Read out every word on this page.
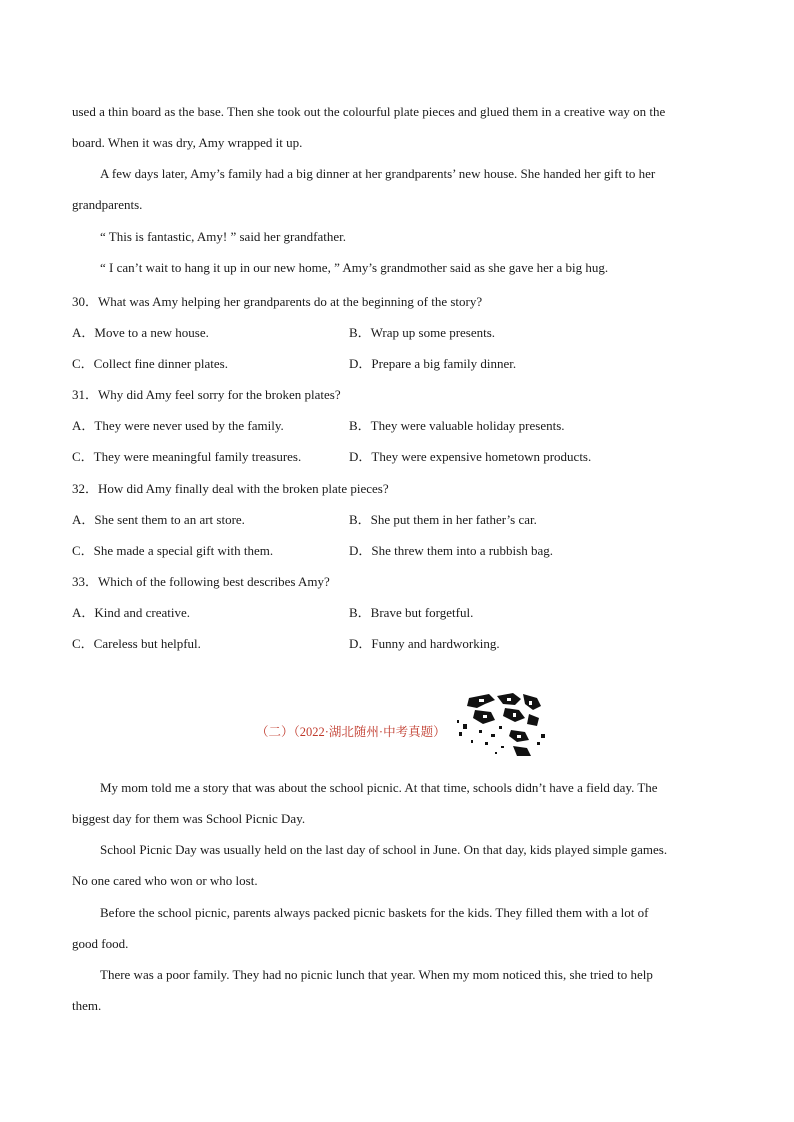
used a thin board as the base. Then she took out the colourful plate pieces and glued them in a creative way on the
board. When it was dry, Amy wrapped it up.
A few days later, Amy’s family had a big dinner at her grandparents’ new house. She handed her gift to her
grandparents.
“ This is fantastic, Amy! ” said her grandfather.
“ I can’t wait to hang it up in our new home, ” Amy’s grandmother said as she gave her a big hug.
30．What was Amy helping her grandparents do at the beginning of the story?
A．Move to a new house.	B．Wrap up some presents.
C．Collect fine dinner plates.	D．Prepare a big family dinner.
31．Why did Amy feel sorry for the broken plates?
A．They were never used by the family.	B．They were valuable holiday presents.
C．They were meaningful family treasures.	D．They were expensive hometown products.
32．How did Amy finally deal with the broken plate pieces?
A．She sent them to an art store.	B．She put them in her father’s car.
C．She made a special gift with them.	D．She threw them into a rubbish bag.
33．Which of the following best describes Amy?
A．Kind and creative.	B．Brave but forgetful.
C．Careless but helpful.	D．Funny and hardworking.
（二）（2022·湖北随州·中考真题）
My mom told me a story that was about the school picnic. At that time, schools didn’t have a field day. The
biggest day for them was School Picnic Day.
School Picnic Day was usually held on the last day of school in June. On that day, kids played simple games.
No one cared who won or who lost.
Before the school picnic, parents always packed picnic baskets for the kids. They filled them with a lot of
good food.
There was a poor family. They had no picnic lunch that year. When my mom noticed this, she tried to help
them.
